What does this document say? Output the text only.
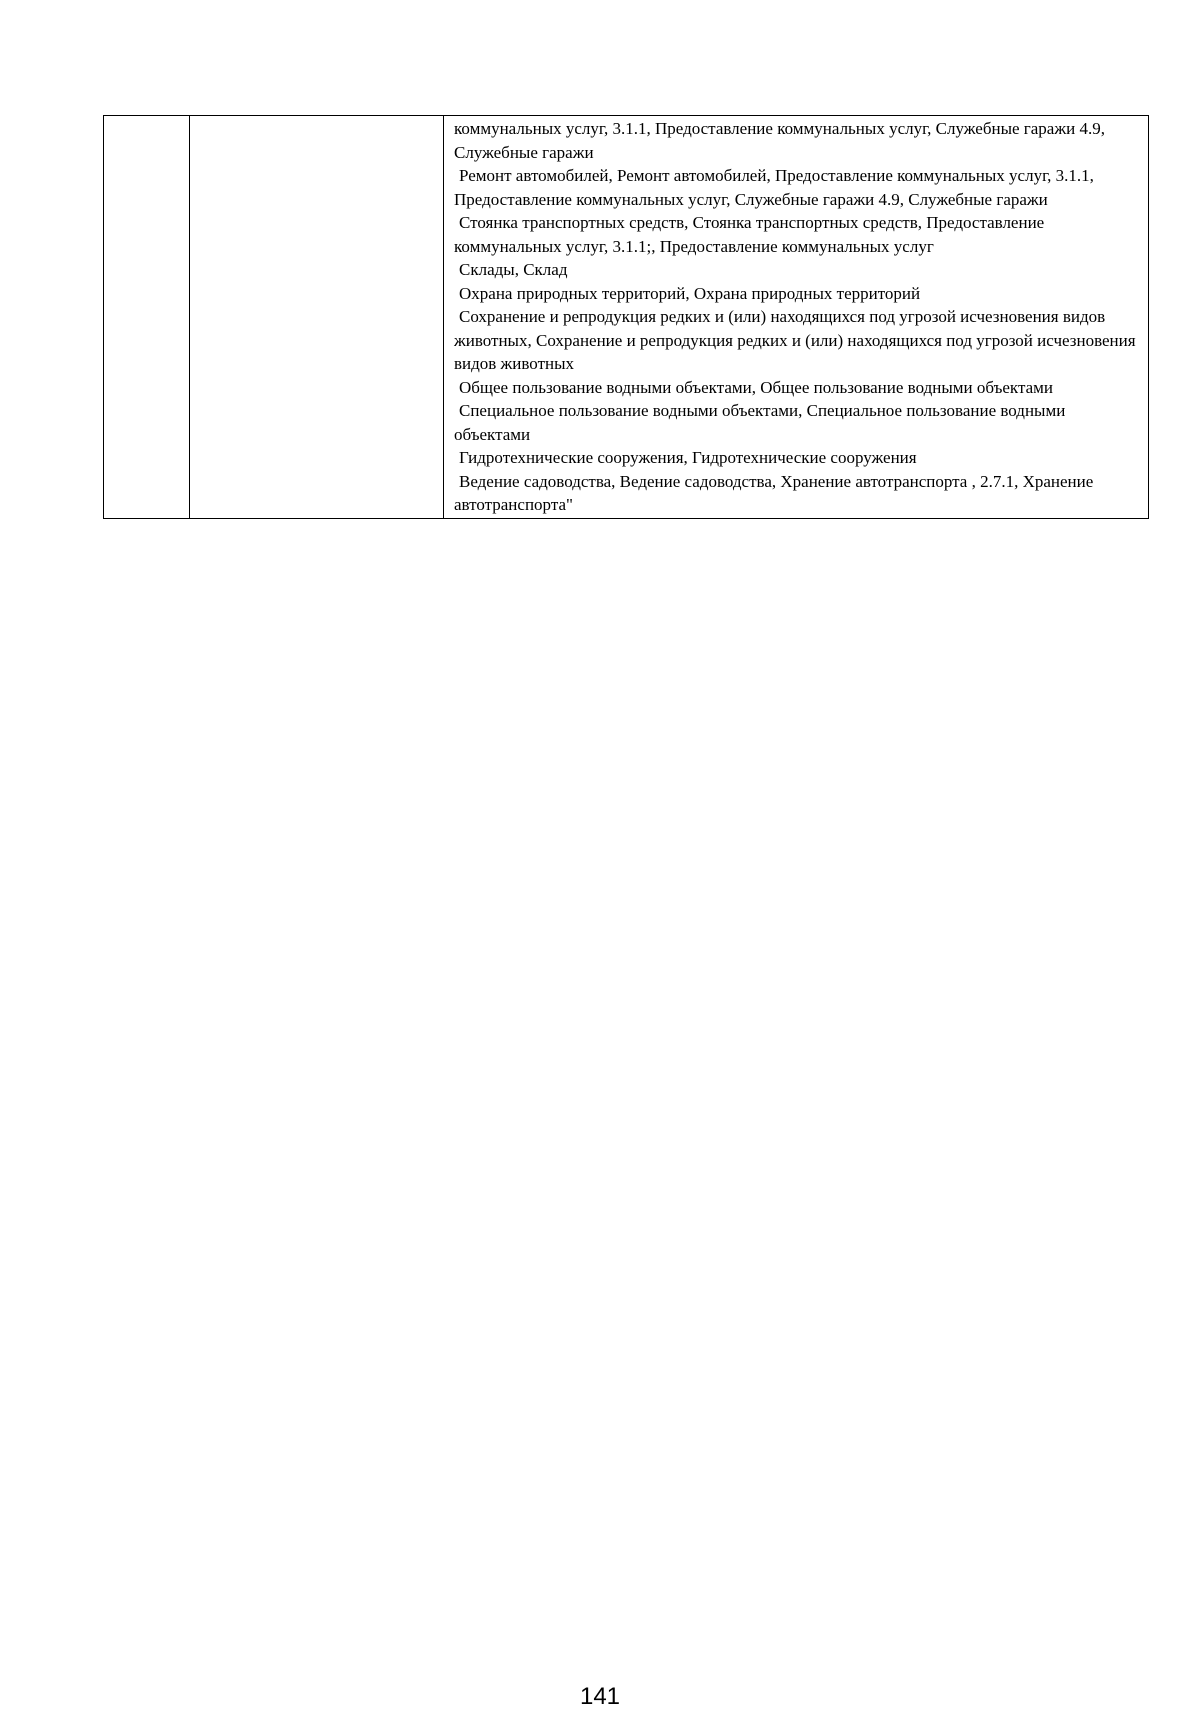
коммунальных услуг, 3.1.1, Предоставление коммунальных услуг, Служебные гаражи 4.9, Служебные гаражи

Ремонт автомобилей, Ремонт автомобилей, Предоставление коммунальных услуг, 3.1.1, Предоставление коммунальных услуг, Служебные гаражи 4.9, Служебные гаражи

Стоянка транспортных средств, Стоянка транспортных средств, Предоставление коммунальных услуг, 3.1.1;, Предоставление коммунальных услуг

Склады, Склад

Охрана природных территорий, Охрана природных территорий

Сохранение и репродукция редких и (или) находящихся под угрозой исчезновения видов животных, Сохранение и репродукция редких и (или) находящихся под угрозой исчезновения видов животных

Общее пользование водными объектами, Общее пользование водными объектами

Специальное пользование водными объектами, Специальное пользование водными объектами

Гидротехнические сооружения, Гидротехнические сооружения

Ведение садоводства, Ведение садоводства, Хранение автотранспорта , 2.7.1, Хранение автотранспорта"

141
